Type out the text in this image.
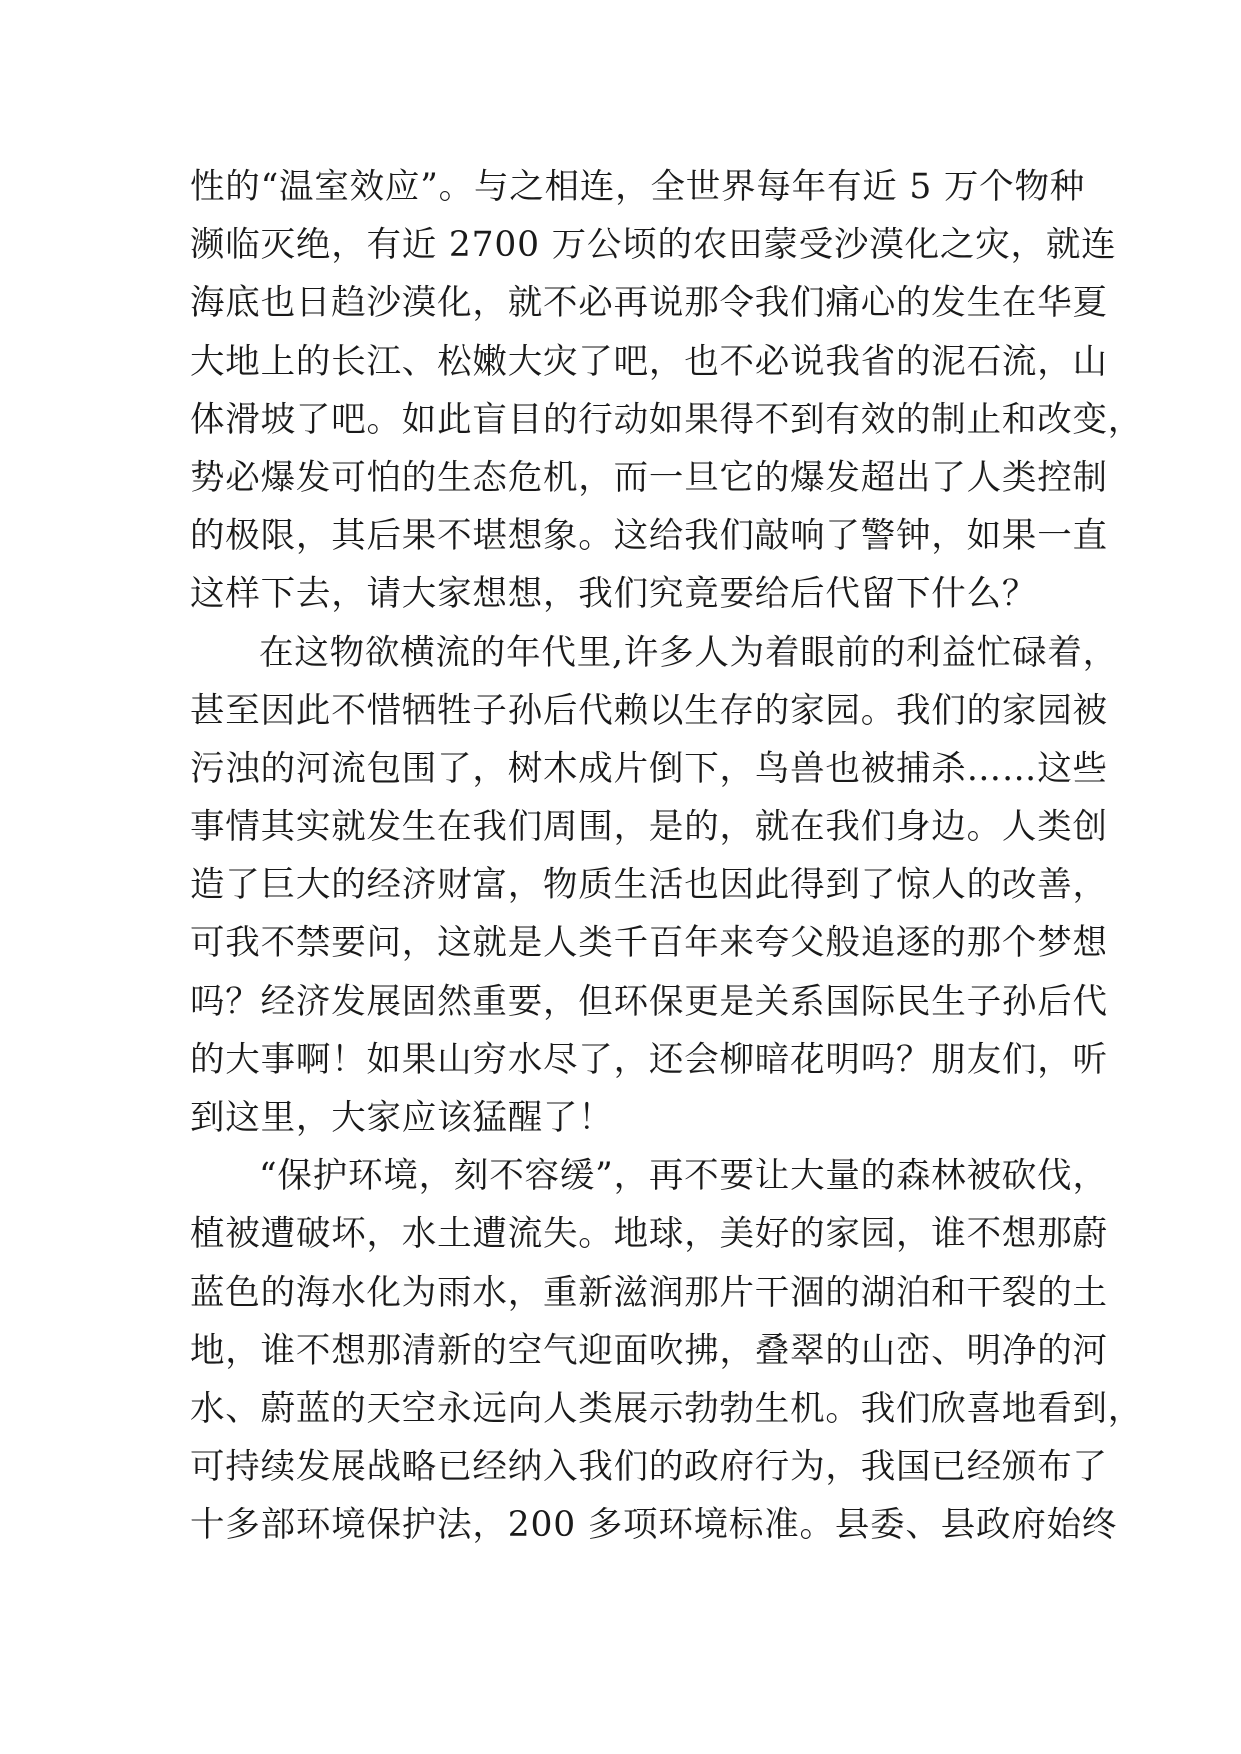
性的“温室效应”。与之相连，全世界每年有近 5 万个物种
濒临灭绝，有近 2700 万公顷的农田蒙受沙漠化之灾，就连
海底也日趋沙漠化，就不必再说那令我们痛心的发生在华夏
大地上的长江、松嫩大灾了吧，也不必说我省的泥石流，山
体滑坡了吧。如此盲目的行动如果得不到有效的制止和改变，
势必爆发可怕的生态危机，而一旦它的爆发超出了人类控制
的极限，其后果不堪想象。这给我们敲响了警钟，如果一直
这样下去，请大家想想，我们究竟要给后代留下什么？
在这物欲横流的年代里,许多人为着眼前的利益忙碌着，
甚至因此不惜牺牲子孙后代赖以生存的家园。我们的家园被
污浊的河流包围了，树木成片倒下，鸟兽也被捕杀……这些
事情其实就发生在我们周围，是的，就在我们身边。人类创
造了巨大的经济财富，物质生活也因此得到了惊人的改善，
可我不禁要问，这就是人类千百年来夸父般追逐的那个梦想
吗？经济发展固然重要，但环保更是关系国际民生子孙后代
的大事啊！如果山穷水尽了，还会柳暗花明吗？朋友们，听
到这里，大家应该猛醒了！
“保护环境，刻不容缓”，再不要让大量的森林被砍伐，
植被遭破坏，水土遭流失。地球，美好的家园，谁不想那蔚
蓝色的海水化为雨水，重新滋润那片干涸的湖泊和干裂的土
地，谁不想那清新的空气迎面吹拂，叠翠的山峦、明净的河
水、蔚蓝的天空永远向人类展示勃勃生机。我们欣喜地看到，
可持续发展战略已经纳入我们的政府行为，我国已经颁布了
十多部环境保护法，200 多项环境标准。县委、县政府始终
